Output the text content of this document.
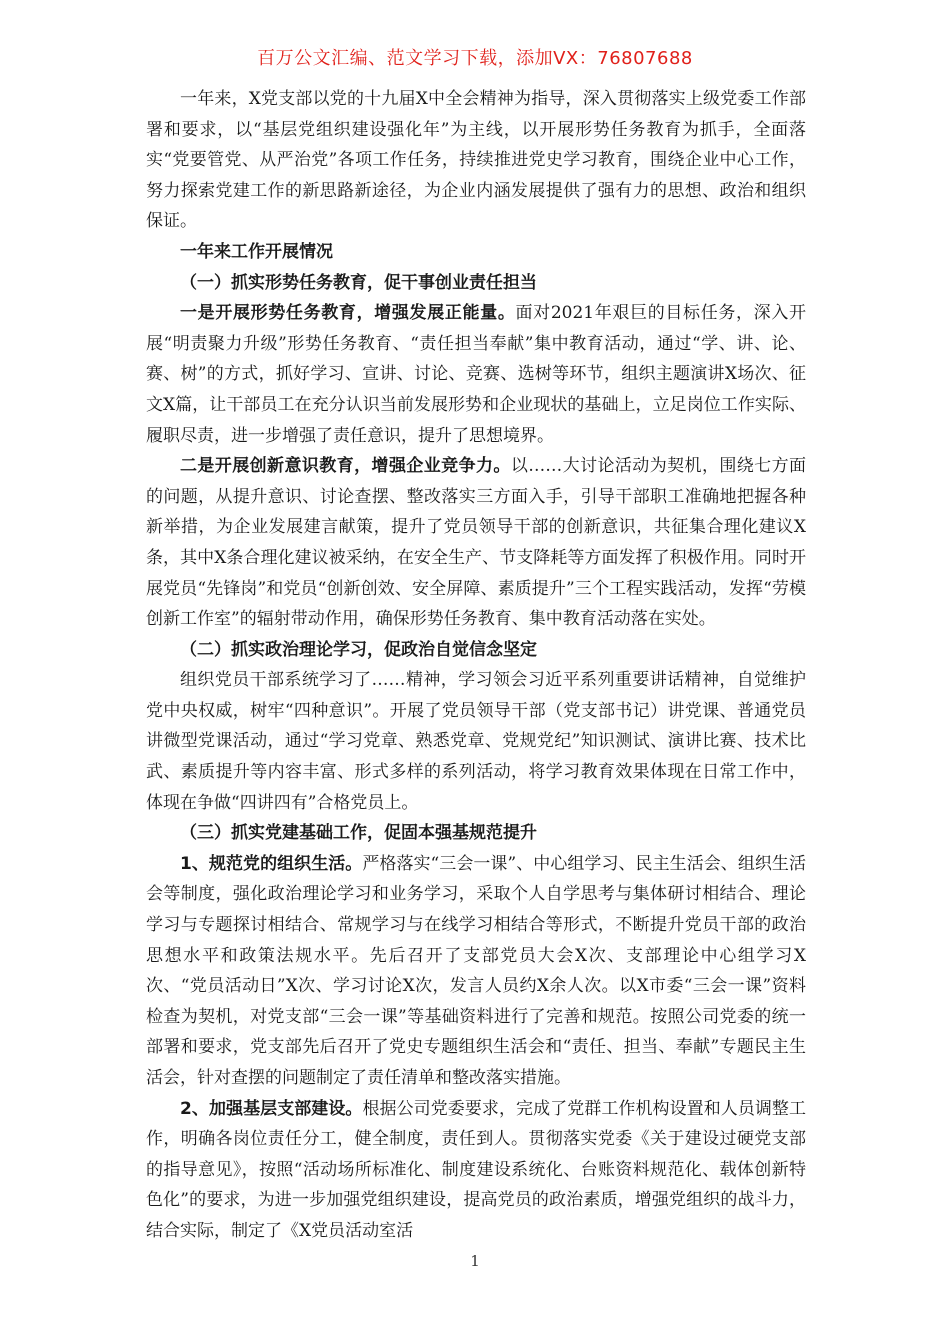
百万公文汇编、范文学习下载，添加VX：76807688

一年来，X党支部以党的十九届X中全会精神为指导，深入贯彻落实上级党委工作部署和要求，以“基层党组织建设强化年”为主线，以开展形势任务教育为抓手，全面落实“党要管党、从严治党”各项工作任务，持续推进党史学习教育，围绕企业中心工作，努力探索党建工作的新思路新途径，为企业内涵发展提供了强有力的思想、政治和组织保证。

一年来工作开展情况

（一）抓实形势任务教育，促干事创业责任担当

一是开展形势任务教育，增强发展正能量。面对2021年艰巨的目标任务，深入开展“明责聚力升级”形势任务教育、“责任担当奉献”集中教育活动，通过“学、讲、论、赛、树”的方式，抓好学习、宣讲、讨论、竞赛、选树等环节，组织主题演讲X场次、征文X篇，让干部员工在充分认识当前发展形势和企业现状的基础上，立足岗位工作实际、履职尽责，进一步增强了责任意识，提升了思想境界。

二是开展创新意识教育，增强企业竞争力。以……大讨论活动为契机，围绕七方面的问题，从提升意识、讨论查摆、整改落实三方面入手，引导干部职工准确地把握各种新举措，为企业发展建言献策，提升了党员领导干部的创新意识，共征集合理化建议X条，其中X条合理化建议被采纳，在安全生产、节支降耗等方面发挥了积极作用。同时开展党员“先锋岗”和党员“创新创效、安全屏障、素质提升”三个工程实践活动，发挥“劳模创新工作室”的辐射带动作用，确保形势任务教育、集中教育活动落在实处。

（二）抓实政治理论学习，促政治自觉信念坚定

组织党员干部系统学习了……精神，学习领会习近平系列重要讲话精神，自觉维护党中央权威，树牢“四种意识”。开展了党员领导干部（党支部书记）讲党课、普通党员讲微型党课活动，通过“学习党章、熟悉党章、党规党纪”知识测试、演讲比赛、技术比武、素质提升等内容丰富、形式多样的系列活动，将学习教育效果体现在日常工作中，体现在争做“四讲四有”合格党员上。

（三）抓实党建基础工作，促固本强基规范提升

1、规范党的组织生活。严格落实“三会一课”、中心组学习、民主生活会、组织生活会等制度，强化政治理论学习和业务学习，采取个人自学思考与集体研讨相结合、理论学习与专题探讨相结合、常规学习与在线学习相结合等形式，不断提升党员干部的政治思想水平和政策法规水平。先后召开了支部党员大会X次、支部理论中心组学习X次、“党员活动日”X次、学习讨论X次，发言人员约X余人次。以X市委“三会一课”资料检查为契机，对党支部“三会一课”等基础资料进行了完善和规范。按照公司党委的统一部署和要求，党支部先后召开了党史专题组织生活会和“责任、担当、奉献”专题民主生活会，针对查摆的问题制定了责任清单和整改落实措施。

2、加强基层支部建设。根据公司党委要求，完成了党群工作机构设置和人员调整工作，明确各岗位责任分工，健全制度，责任到人。贯彻落实党委《关于建设过硬党支部的指导意见》，按照“活动场所标准化、制度建设系统化、台账资料规范化、载体创新特色化”的要求，为进一步加强党组织建设，提高党员的政治素质，增强党组织的战斗力，结合实际，制定了《X党员活动室活

1
